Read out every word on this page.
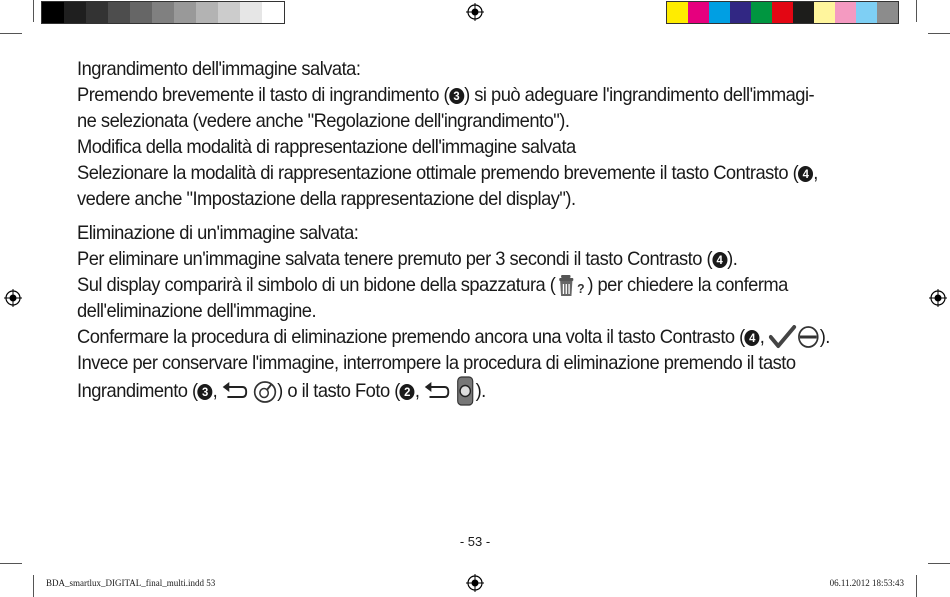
Ingrandimento dell'immagine salvata:

Premendo brevemente il tasto di ingrandimento ( 3 ) si può adeguare l'ingrandimento dell'immagi-

ne selezionata (vedere anche "Regolazione dell'ingrandimento").

Modifica della modalità di rappresentazione dell'immagine salvata

Selezionare la modalità di rappresentazione ottimale premendo brevemente il tasto Contrasto ( 4 ,

vedere anche "Impostazione della rappresentazione del display").

Eliminazione di un'immagine salvata:

Per eliminare un'immagine salvata tenere premuto per 3 secondi il tasto Contrasto ( 4 ).

Sul display comparirà il simbolo di un bidone della spazzatura ( ? ) per chiedere la conferma

dell'eliminazione dell'immagine.

Confermare la procedura di eliminazione premendo ancora una volta il tasto Contrasto ( 4 ,	).

Invece per conservare l'immagine, interrompere la procedura di eliminazione premendo il tasto

Ingrandimento ( 3 ,	) o il tasto Foto ( 2 ,	).

- 53 -
BDA_smartlux_DIGITAL_final_multi.indd 53	06.11.2012 18:53:43
